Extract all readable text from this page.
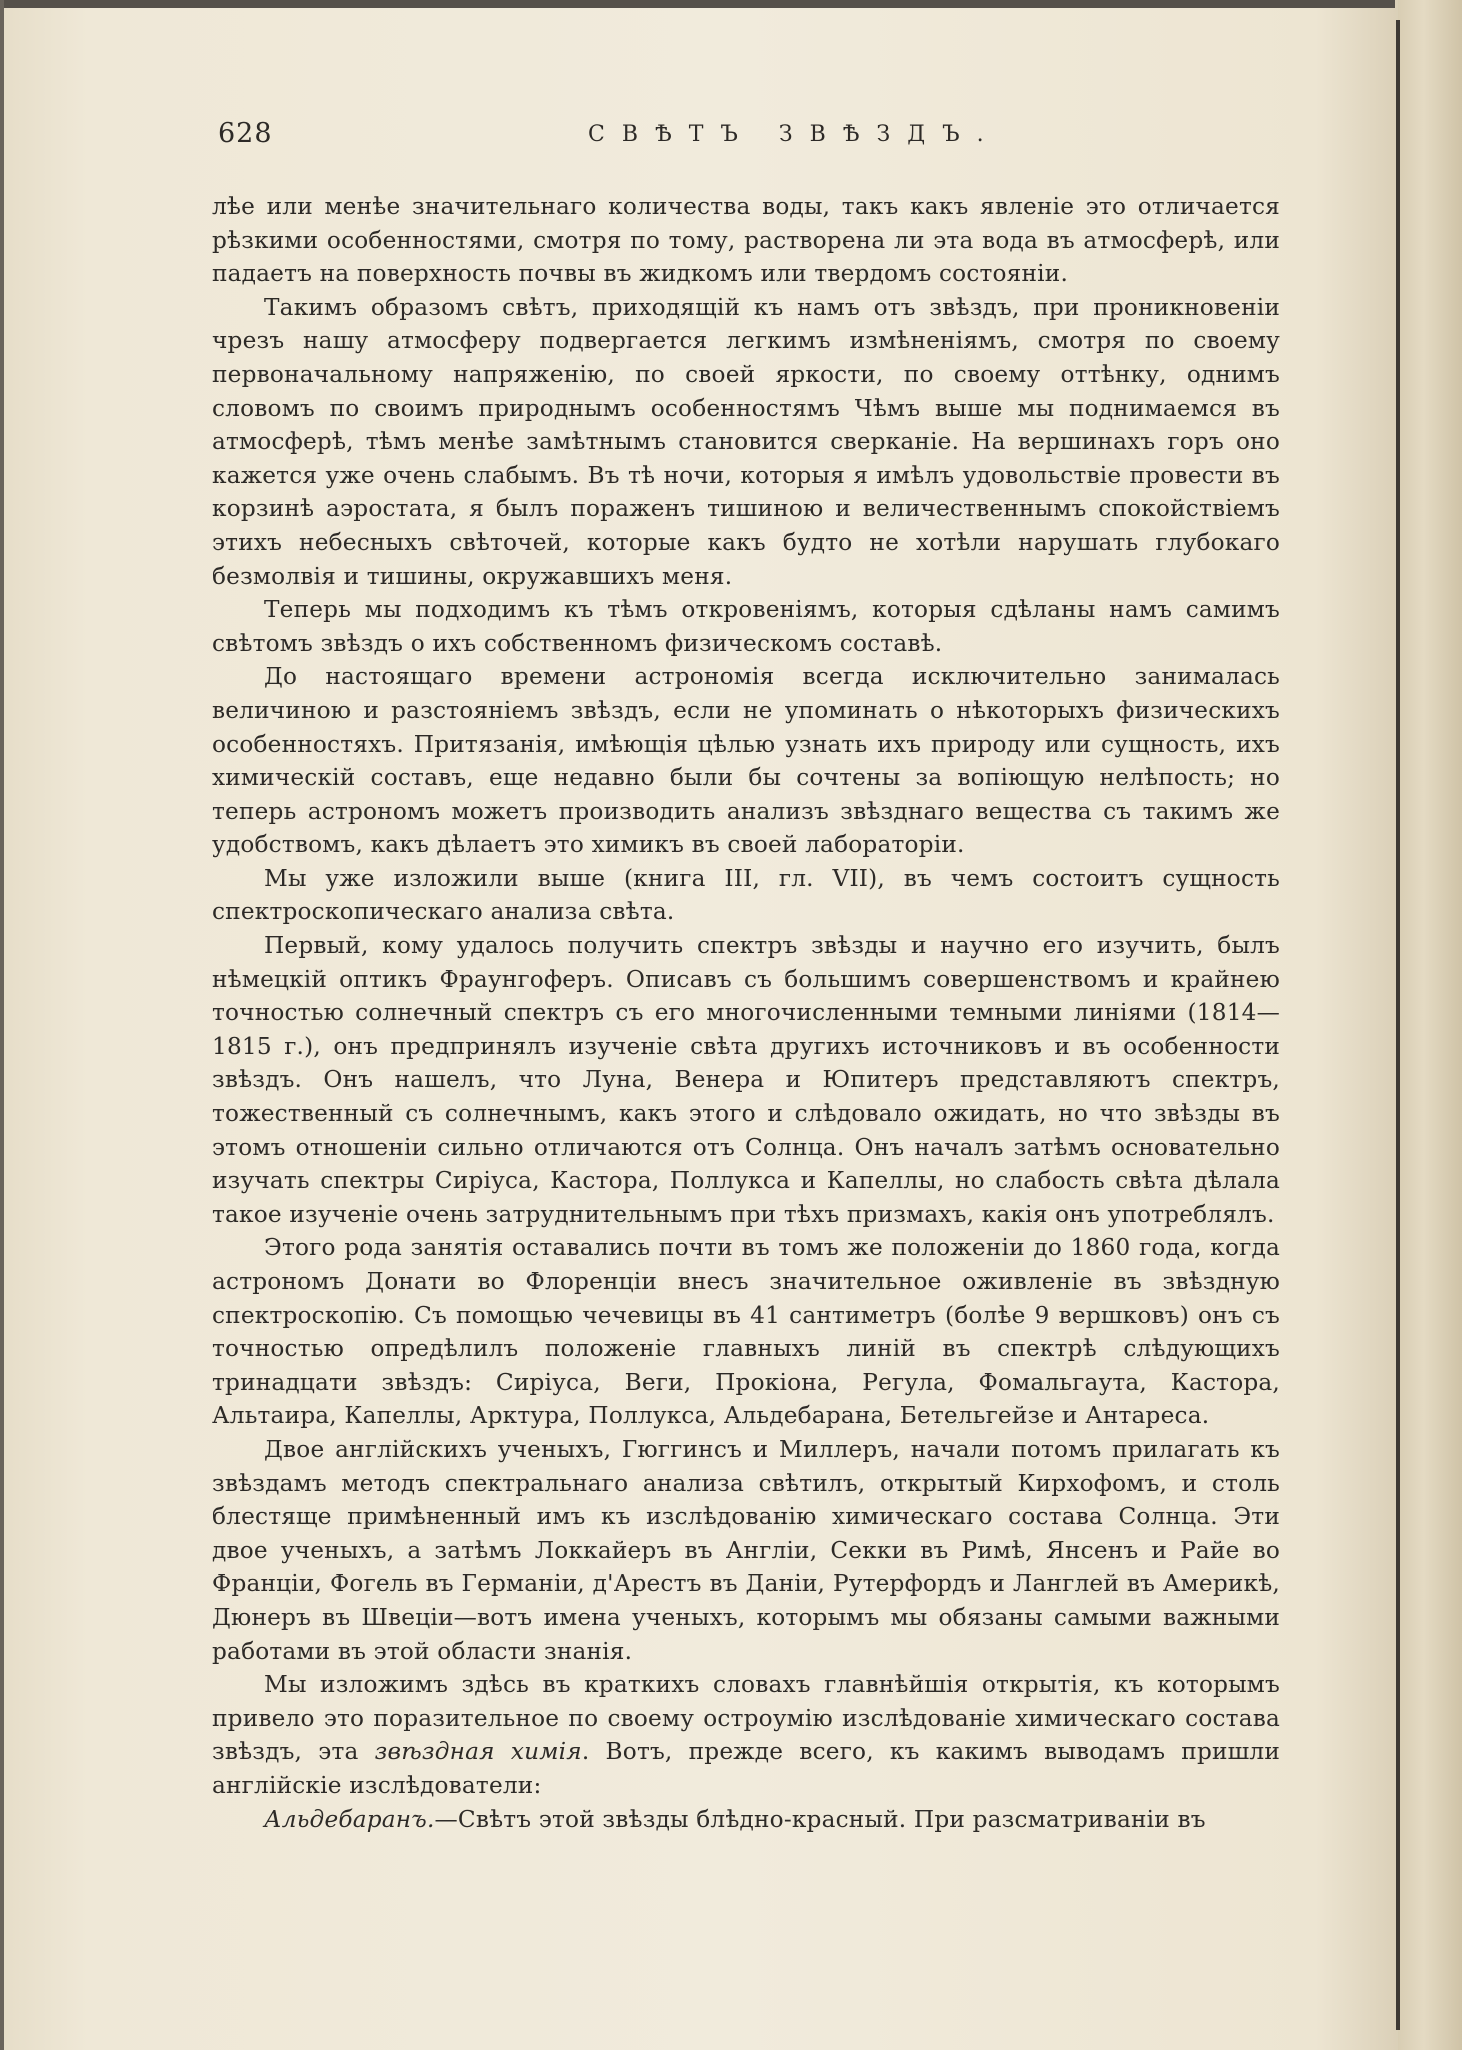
628	СВѢТЪ ЗВѢЗДЪ.

лѣе или менѣе значительнаго количества воды, такъ какъ явленіе это отличается рѣзкими особенностями, смотря по тому, растворена ли эта вода въ атмосферѣ, или падаетъ на поверхность почвы въ жидкомъ или твердомъ состояніи.

Такимъ образомъ свѣтъ, приходящій къ намъ отъ звѣздъ, при проникновеніи чрезъ нашу атмосферу подвергается легкимъ измѣненіямъ, смотря по своему первоначальному напряженію, по своей яркости, по своему оттѣнку, однимъ словомъ по своимъ природнымъ особенностямъ Чѣмъ выше мы поднимаемся въ атмосферѣ, тѣмъ менѣе замѣтнымъ становится сверканіе. На вершинахъ горъ оно кажется уже очень слабымъ. Въ тѣ ночи, которыя я имѣлъ удовольствіе провести въ корзинѣ аэростата, я былъ пораженъ тишиною и величественнымъ спокойствіемъ этихъ небесныхъ свѣточей, которые какъ будто не хотѣли нарушать глубокаго безмолвія и тишины, окружавшихъ меня.

Теперь мы подходимъ къ тѣмъ откровеніямъ, которыя сдѣланы намъ самимъ свѣтомъ звѣздъ о ихъ собственномъ физическомъ составѣ.

До настоящаго времени астрономія всегда исключительно занималась величиною и разстояніемъ звѣздъ, если не упоминать о нѣкоторыхъ физическихъ особенностяхъ. Притязанія, имѣющія цѣлью узнать ихъ природу или сущность, ихъ химическій составъ, еще недавно были бы сочтены за вопіющую нелѣпость; но теперь астрономъ можетъ производить анализъ звѣзднаго вещества съ такимъ же удобствомъ, какъ дѣлаетъ это химикъ въ своей лабораторіи.

Мы уже изложили выше (книга III, гл. VII), въ чемъ состоитъ сущность спектроскопическаго анализа свѣта.

Первый, кому удалось получить спектръ звѣзды и научно его изучить, былъ нѣмецкій оптикъ Фраунгоферъ. Описавъ съ большимъ совершенствомъ и крайнею точностью солнечный спектръ съ его многочисленными темными линіями (1814—1815 г.), онъ предпринялъ изученіе свѣта другихъ источниковъ и въ особенности звѣздъ. Онъ нашелъ, что Луна, Венера и Юпитеръ представляютъ спектръ, тожественный съ солнечнымъ, какъ этого и слѣдовало ожидать, но что звѣзды въ этомъ отношеніи сильно отличаются отъ Солнца. Онъ началъ затѣмъ основательно изучать спектры Сиріуса, Кастора, Поллукса и Капеллы, но слабость свѣта дѣлала такое изученіе очень затруднительнымъ при тѣхъ призмахъ, какія онъ употреблялъ.

Этого рода занятія оставались почти въ томъ же положеніи до 1860 года, когда астрономъ Донати во Флоренціи внесъ значительное оживленіе въ звѣздную спектроскопію. Съ помощью чечевицы въ 41 сантиметръ (болѣе 9 вершковъ) онъ съ точностью опредѣлилъ положеніе главныхъ линій въ спектрѣ слѣдующихъ тринадцати звѣздъ: Сиріуса, Веги, Прокіона, Регула, Фомальгаута, Кастора, Альтаира, Капеллы, Арктура, Поллукса, Альдебарана, Бетельгейзе и Антареса.

Двое англійскихъ ученыхъ, Гюггинсъ и Миллеръ, начали потомъ прилагать къ звѣздамъ методъ спектральнаго анализа свѣтилъ, открытый Кирхофомъ, и столь блестяще примѣненный имъ къ изслѣдованію химическаго состава Солнца. Эти двое ученыхъ, а затѣмъ Локкайеръ въ Англіи, Секки въ Римѣ, Янсенъ и Райе во Франціи, Фогель въ Германіи, д'Арестъ въ Даніи, Рутерфордъ и Ланглей въ Америкѣ, Дюнеръ въ Швеціи—вотъ имена ученыхъ, которымъ мы обязаны самыми важными работами въ этой области знанія.

Мы изложимъ здѣсь въ краткихъ словахъ главнѣйшія открытія, къ которымъ привело это поразительное по своему остроумію изслѣдованіе химическаго состава звѣздъ, эта звѣздная химія. Вотъ, прежде всего, къ какимъ выводамъ пришли англійскіе изслѣдователи:

Альдебаранъ.—Свѣтъ этой звѣзды блѣдно-красный. При разсматриваніи въ
